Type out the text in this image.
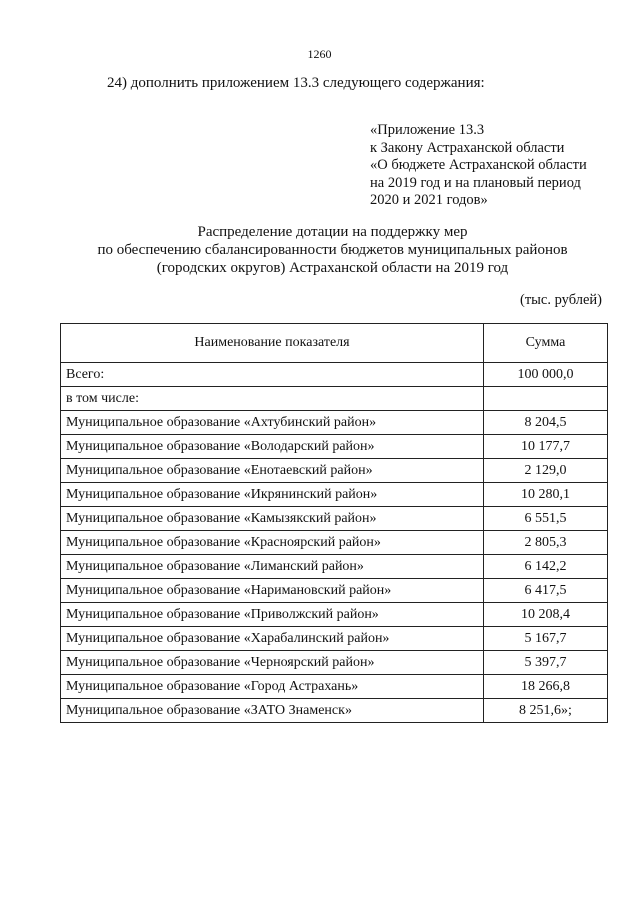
1260
24) дополнить приложением 13.3 следующего содержания:
«Приложение 13.3
к Закону Астраханской области
«О бюджете Астраханской области
на 2019 год и на плановый период
2020 и 2021 годов»
Распределение дотации на поддержку мер
по обеспечению сбалансированности бюджетов муниципальных районов
(городских округов) Астраханской области на 2019 год
(тыс. рублей)
Наименование показателя	Сумма
Всего:	100 000,0
в том числе:	
Муниципальное образование «Ахтубинский район»	8 204,5
Муниципальное образование «Володарский район»	10 177,7
Муниципальное образование «Енотаевский район»	2 129,0
Муниципальное образование «Икрянинский район»	10 280,1
Муниципальное образование «Камызякский район»	6 551,5
Муниципальное образование «Красноярский район»	2 805,3
Муниципальное образование «Лиманский район»	6 142,2
Муниципальное образование «Наримановский район»	6 417,5
Муниципальное образование «Приволжский район»	10 208,4
Муниципальное образование «Харабалинский район»	5 167,7
Муниципальное образование «Черноярский район»	5 397,7
Муниципальное образование «Город Астрахань»	18 266,8
Муниципальное образование «ЗАТО Знаменск»	8 251,6»;
